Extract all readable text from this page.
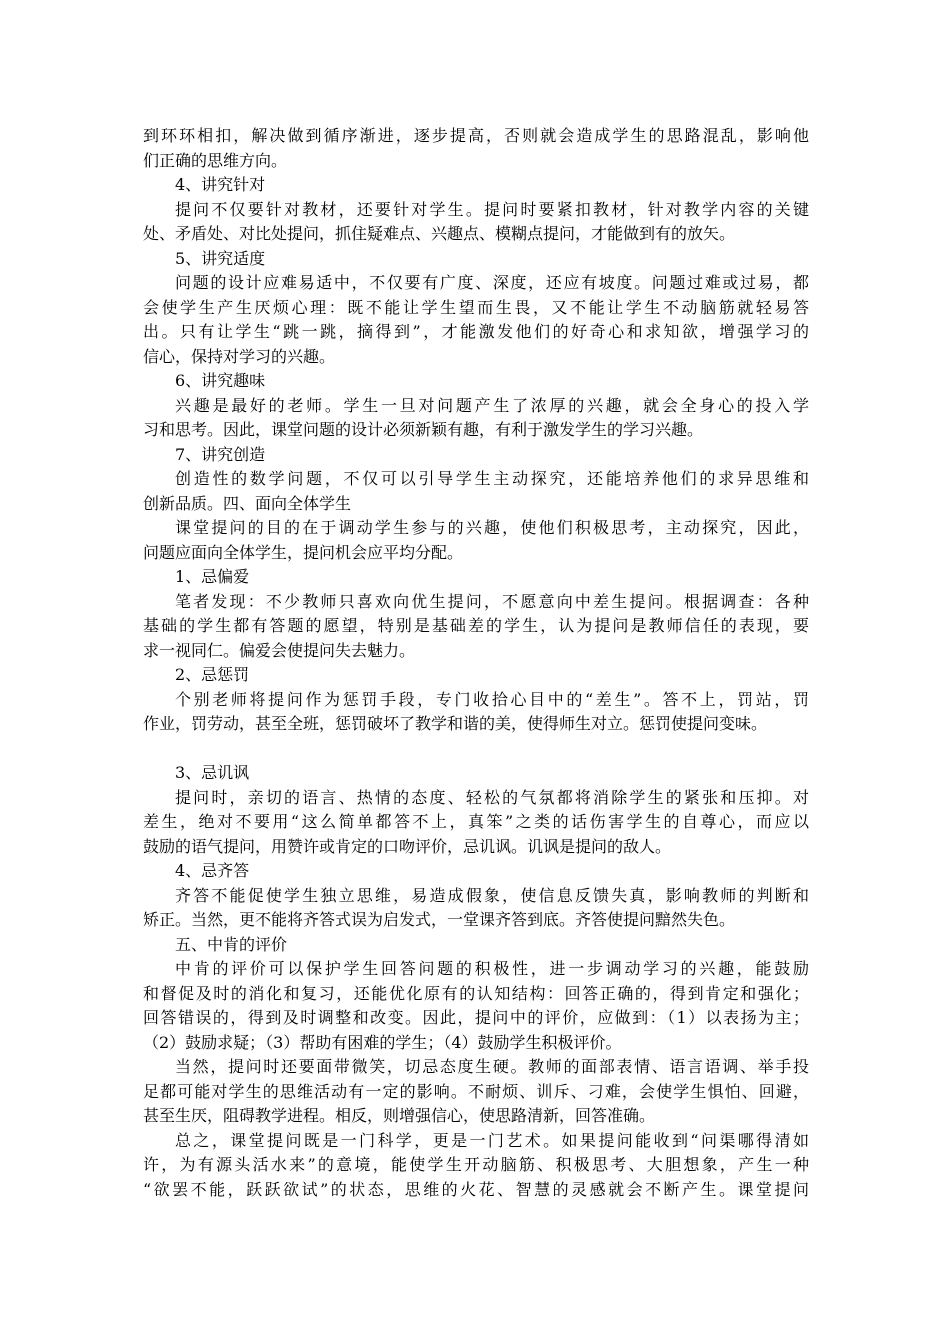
到环环相扣，解决做到循序渐进，逐步提高，否则就会造成学生的思路混乱，影响他
们正确的思维方向。
4、讲究针对
提问不仅要针对教材，还要针对学生。提问时要紧扣教材，针对教学内容的关键
处、矛盾处、对比处提问，抓住疑难点、兴趣点、模糊点提问，才能做到有的放矢。
5、讲究适度
问题的设计应难易适中，不仅要有广度、深度，还应有坡度。问题过难或过易，都
会使学生产生厌烦心理：既不能让学生望而生畏，又不能让学生不动脑筋就轻易答
出。只有让学生“跳一跳，摘得到”，才能激发他们的好奇心和求知欲，增强学习的
信心，保持对学习的兴趣。
6、讲究趣味
兴趣是最好的老师。学生一旦对问题产生了浓厚的兴趣，就会全身心的投入学
习和思考。因此，课堂问题的设计必须新颖有趣，有利于激发学生的学习兴趣。
7、讲究创造
创造性的数学问题，不仅可以引导学生主动探究，还能培养他们的求异思维和
创新品质。四、面向全体学生
课堂提问的目的在于调动学生参与的兴趣，使他们积极思考，主动探究，因此，
问题应面向全体学生，提问机会应平均分配。
1、忌偏爱
笔者发现：不少教师只喜欢向优生提问，不愿意向中差生提问。根据调查：各种
基础的学生都有答题的愿望，特别是基础差的学生，认为提问是教师信任的表现，要
求一视同仁。偏爱会使提问失去魅力。
2、忌惩罚
个别老师将提问作为惩罚手段，专门收拾心目中的“差生”。答不上，罚站，罚
作业，罚劳动，甚至全班，惩罚破坏了教学和谐的美，使得师生对立。惩罚使提问变味。
3、忌讥讽
提问时，亲切的语言、热情的态度、轻松的气氛都将消除学生的紧张和压抑。对
差生，绝对不要用“这么简单都答不上，真笨”之类的话伤害学生的自尊心，而应以
鼓励的语气提问，用赞许或肯定的口吻评价，忌讥讽。讥讽是提问的敌人。
4、忌齐答
齐答不能促使学生独立思维，易造成假象，使信息反馈失真，影响教师的判断和
矫正。当然，更不能将齐答式误为启发式，一堂课齐答到底。齐答使提问黯然失色。
五、中肯的评价
中肯的评价可以保护学生回答问题的积极性，进一步调动学习的兴趣，能鼓励
和督促及时的消化和复习，还能优化原有的认知结构：回答正确的，得到肯定和强化；
回答错误的，得到及时调整和改变。因此，提问中的评价，应做到：（1）以表扬为主；
（2）鼓励求疑；（3）帮助有困难的学生；（4）鼓励学生积极评价。
当然，提问时还要面带微笑，切忌态度生硬。教师的面部表情、语言语调、举手投
足都可能对学生的思维活动有一定的影响。不耐烦、训斥、刁难，会使学生惧怕、回避，
甚至生厌，阻碍教学进程。相反，则增强信心，使思路清新，回答准确。
总之，课堂提问既是一门科学，更是一门艺术。如果提问能收到“问渠哪得清如
许，为有源头活水来”的意境，能使学生开动脑筋、积极思考、大胆想象，产生一种
“欲罢不能，跃跃欲试”的状态，思维的火花、智慧的灵感就会不断产生。课堂提问
